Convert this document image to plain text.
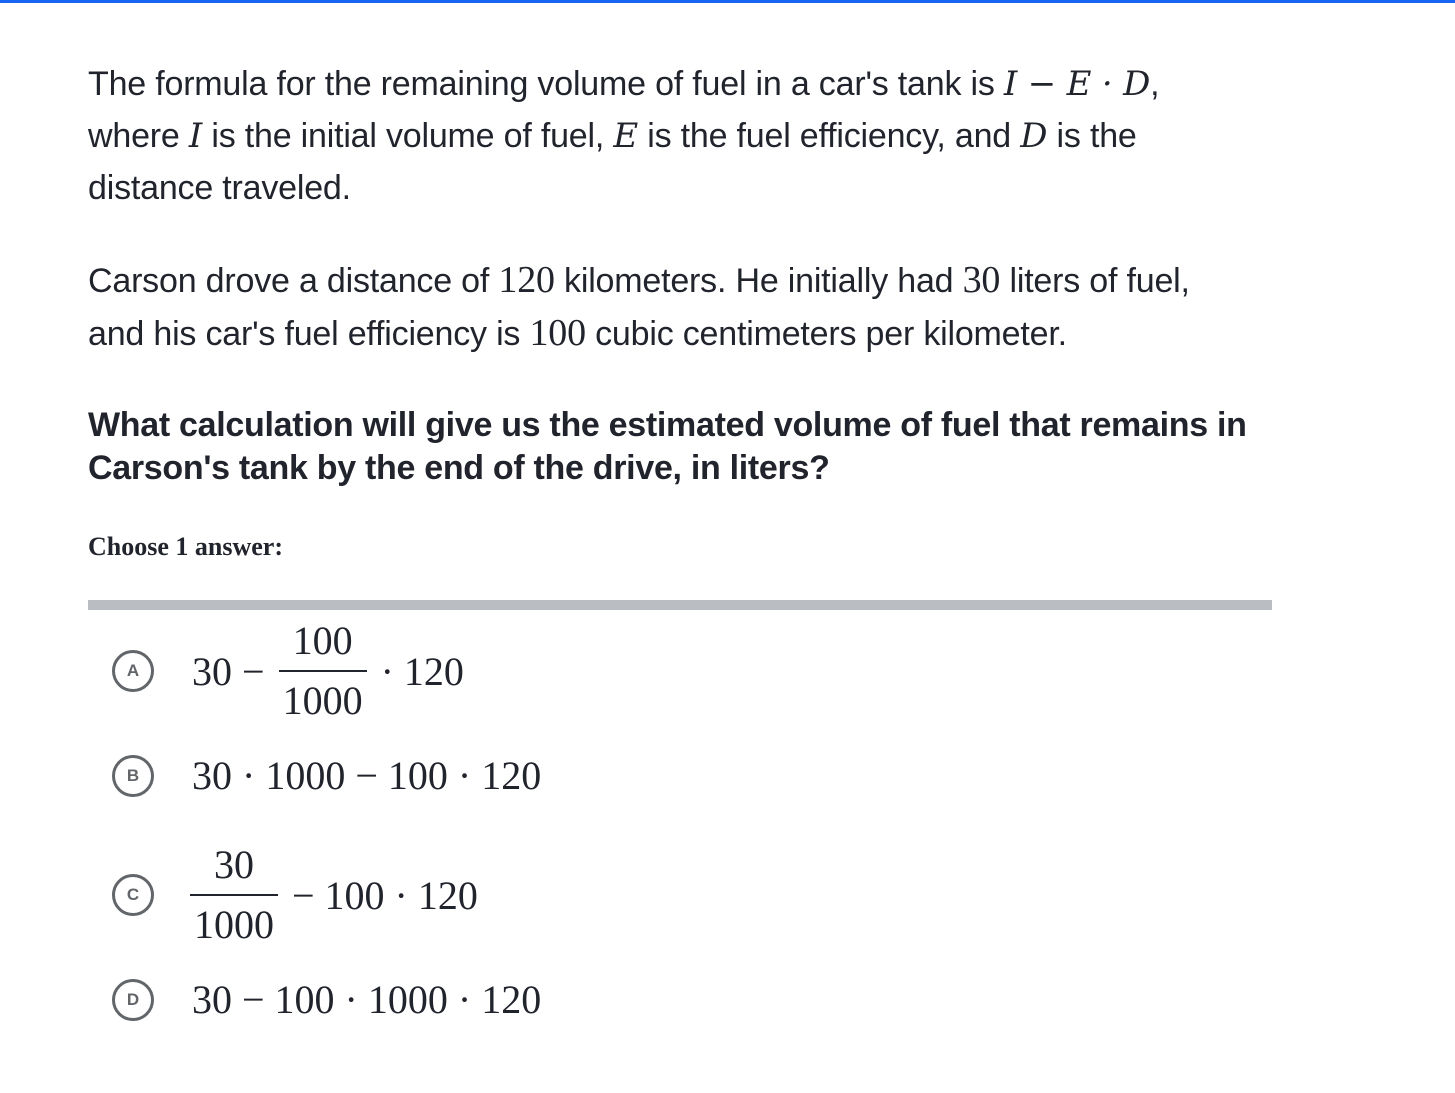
The formula for the remaining volume of fuel in a car's tank is I − E · D,
where I is the initial volume of fuel, E is the fuel efficiency, and D is the
distance traveled.

Carson drove a distance of 120 kilometers. He initially had 30 liters of fuel,
and his car's fuel efficiency is 100 cubic centimeters per kilometer.

What calculation will give us the estimated volume of fuel that remains in Carson's tank by the end of the drive, in liters?

Choose 1 answer:

A	$30 - \frac{100}{1000} \cdot 120$
B	30 · 1000 − 100 · 120
C	$\frac{30}{1000} - 100 \cdot 120$
D	30 − 100 · 1000 · 120
